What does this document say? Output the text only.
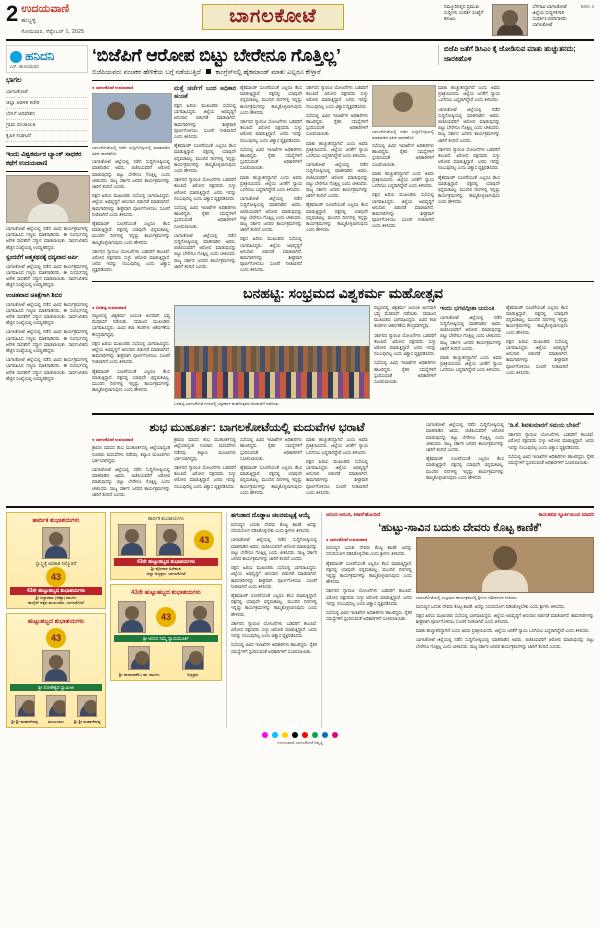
2 ಉದಯವಾಣಿ
ಹುಬ್ಬಳ್ಳಿ
ಸೋಮವಾರ, ಸೆಪ್ಟೆಂಬರ್ 1, 2025
ಬಾಗಲಕೋಟೆ	ನಿಮ್ಮೂರಿನಲ್ಲಿನ ಪ್ರಮುಖ ಸುದ್ದಿಗಳು ಸಂಪರ್ಕ ಸಂಖ್ಯೆಗೆ ಕಳುಹಿಸಿ
ಬೆಳಗಾವಿ-ಬಾಗಲಕೋಟೆ ಜಿಲ್ಲೆಯ ಸುದ್ದಿಗಳಿಗಾಗಿ ಸಂಪರ್ಕಿಸಿ ವರದಿಗಾರರು ಬಾಗಲಕೋಟೆ
BGK 2
ಹನಿದನಿ
ಎಸ್. ಹುಣಸಿಮರದ
ಭಾಗಲ
ಬಾಗಲಕೋಟೆ
ಜಿಲ್ಲಾ ಆಡಳಿತ ಕಚೇರಿ
ಬೇಸಿಗೆ ಅಧಿವೇಶನ
ಗ್ರಾಮ ಪಂಚಾಯಿತಿ
ಕೃಷಿಕ ಸಂಘಟನೆ
ಇಂದು ವಿಶ್ವಕರ್ಮರ ಬ್ಯಾಂಕ್ ಸಾಧಕರ ಕಥೆಗೆ ಉದಯವಾಣಿ

ಬಾಗಲಕೋಟೆ ಜಿಲ್ಲೆಯಲ್ಲಿ ನಡೆದ ವಿವಿಧ ಕಾರ್ಯಕ್ರಮಗಳಲ್ಲಿ ಭಾಗವಹಿಸಿದ ಗಣ್ಯರು ಮಾತನಾಡಿದರು. ಈ ಸಂದರ್ಭದಲ್ಲಿ ಅನೇಕ ಸಾಧಕರಿಗೆ ಸನ್ಮಾನ ಮಾಡಲಾಯಿತು. ಸಾರ್ವಜನಿಕರು ಹೆಚ್ಚಿನ ಸಂಖ್ಯೆಯಲ್ಲಿ ಉಪಸ್ಥಿತರಿದ್ದರು.

ಸ್ಪಂದನೆಗೆ ಆತ್ಮಕಥನಕ್ಕೆ ಧನ್ಯವಾದ ಅರ್ಪಿ

ಬಾಗಲಕೋಟೆ ಜಿಲ್ಲೆಯಲ್ಲಿ ನಡೆದ ವಿವಿಧ ಕಾರ್ಯಕ್ರಮಗಳಲ್ಲಿ ಭಾಗವಹಿಸಿದ ಗಣ್ಯರು ಮಾತನಾಡಿದರು. ಈ ಸಂದರ್ಭದಲ್ಲಿ ಅನೇಕ ಸಾಧಕರಿಗೆ ಸನ್ಮಾನ ಮಾಡಲಾಯಿತು. ಸಾರ್ವಜನಿಕರು ಹೆಚ್ಚಿನ ಸಂಖ್ಯೆಯಲ್ಲಿ ಉಪಸ್ಥಿತರಿದ್ದರು.

ಉಚಿತವಾದ ಚಿಕಿತ್ಸೆಗಾಗಿ ಶಿಬಿರ

ಬಾಗಲಕೋಟೆ ಜಿಲ್ಲೆಯಲ್ಲಿ ನಡೆದ ವಿವಿಧ ಕಾರ್ಯಕ್ರಮಗಳಲ್ಲಿ ಭಾಗವಹಿಸಿದ ಗಣ್ಯರು ಮಾತನಾಡಿದರು. ಈ ಸಂದರ್ಭದಲ್ಲಿ ಅನೇಕ ಸಾಧಕರಿಗೆ ಸನ್ಮಾನ ಮಾಡಲಾಯಿತು. ಸಾರ್ವಜನಿಕರು ಹೆಚ್ಚಿನ ಸಂಖ್ಯೆಯಲ್ಲಿ ಉಪಸ್ಥಿತರಿದ್ದರು.

ಬಾಗಲಕೋಟೆ ಜಿಲ್ಲೆಯಲ್ಲಿ ನಡೆದ ವಿವಿಧ ಕಾರ್ಯಕ್ರಮಗಳಲ್ಲಿ ಭಾಗವಹಿಸಿದ ಗಣ್ಯರು ಮಾತನಾಡಿದರು. ಈ ಸಂದರ್ಭದಲ್ಲಿ ಅನೇಕ ಸಾಧಕರಿಗೆ ಸನ್ಮಾನ ಮಾಡಲಾಯಿತು. ಸಾರ್ವಜನಿಕರು ಹೆಚ್ಚಿನ ಸಂಖ್ಯೆಯಲ್ಲಿ ಉಪಸ್ಥಿತರಿದ್ದರು.

ಬಾಗಲಕೋಟೆ ಜಿಲ್ಲೆಯಲ್ಲಿ ನಡೆದ ವಿವಿಧ ಕಾರ್ಯಕ್ರಮಗಳಲ್ಲಿ ಭಾಗವಹಿಸಿದ ಗಣ್ಯರು ಮಾತನಾಡಿದರು. ಈ ಸಂದರ್ಭದಲ್ಲಿ ಅನೇಕ ಸಾಧಕರಿಗೆ ಸನ್ಮಾನ ಮಾಡಲಾಯಿತು. ಸಾರ್ವಜನಿಕರು ಹೆಚ್ಚಿನ ಸಂಖ್ಯೆಯಲ್ಲಿ ಉಪಸ್ಥಿತರಿದ್ದರು.

‘ಬಿಜೆಪಿಗೆ ಆರೋಪ ಬಿಟ್ಟು ಬೇರೇನೂ ಗೊತ್ತಿಲ್ಲ’
ಬಿಜೆಪಿಯವರು ವಂಚಕರ ಹೇಳಿಕೆಯ ಬಗ್ಗೆ ನಡೆಯುತ್ತಿದೆ ಕಾಂಗ್ರೆಸ್‌ನಲ್ಲಿ ಹೈಕಮಾಂಡ್ ಮಾತು ಎಲ್ಲರೂ ಕೇಳ್ತಾರೆ
ಬಿಜೆಪಿ ಜತೆಗೆ ಡಿಸಿಎಂ ಕೈ ಜೋಡಿಸುವ ಮಾತು ಹುಚ್ಚುತನದು; ಜಾರಕಿಹೊಳಿ
● ಬಾಗಲಕೋಟೆ ಉದಯವಾಣಿ
ಬಾಗಲಕೋಟೆಯಲ್ಲಿ ನಡೆದ ಸುದ್ದಿಗೋಷ್ಠಿಯಲ್ಲಿ ಮಾತನಾಡಿದ ಸತೀಶ ಜಾರಕಿಹೊಳಿ.

ಬಾಗಲಕೋಟೆ ಜಿಲ್ಲೆಯಲ್ಲಿ ನಡೆದ ಸುದ್ದಿಗೋಷ್ಠಿಯಲ್ಲಿ ಮಾತನಾಡಿದ ಅವರು, ಬಿಜೆಪಿಯವರಿಗೆ ಆರೋಪ ಮಾಡುವುದನ್ನು ಬಿಟ್ಟು ಬೇರೇನೂ ಗೊತ್ತಿಲ್ಲ ಎಂದು ಟೀಕಿಸಿದರು. ರಾಜ್ಯ ಸರ್ಕಾರ ಜನಪರ ಕಾರ್ಯಕ್ರಮಗಳನ್ನು ಜಾರಿಗೆ ತಂದಿದೆ ಎಂದರು.

ಪಕ್ಷದ ಹಿರಿಯ ಮುಖಂಡರು ಸಭೆಯಲ್ಲಿ ಭಾಗವಹಿಸಿದ್ದರು. ಜಿಲ್ಲೆಯ ಅಭಿವೃದ್ಧಿಗೆ ಅನುದಾನ ಬಿಡುಗಡೆ ಮಾಡಲಾಗಿದೆ. ಕಾಮಗಾರಿಗಳನ್ನು ಶೀಘ್ರವಾಗಿ ಪೂರ್ಣಗೊಳಿಸಲು ಸೂಚನೆ ನೀಡಲಾಗಿದೆ ಎಂದು ತಿಳಿಸಿದರು.

ಹೈಕಮಾಂಡ್ ಸೂಚನೆಯಂತೆ ಎಲ್ಲರೂ ಕೆಲಸ ಮಾಡುತ್ತಿದ್ದಾರೆ. ಪಕ್ಷದಲ್ಲಿ ಯಾವುದೇ ಭಿನ್ನಮತವಿಲ್ಲ. ಮುಂದಿನ ದಿನಗಳಲ್ಲಿ ಇನ್ನಷ್ಟು ಕಾರ್ಯಕ್ರಮಗಳನ್ನು ಹಮ್ಮಿಕೊಳ್ಳಲಾಗುವುದು ಎಂದು ಹೇಳಿದರು.

ಸರ್ಕಾರದ ಗ್ಯಾರಂಟಿ ಯೋಜನೆಗಳು ಬಡವರಿಗೆ ತಲುಪಿವೆ. ವಿರೋಧ ಪಕ್ಷದವರು ಸುಳ್ಳು ಆರೋಪ ಮಾಡುತ್ತಿದ್ದಾರೆ. ಜನರು ಇದನ್ನು ನಂಬುವುದಿಲ್ಲ ಎಂದು ವಿಶ್ವಾಸ ವ್ಯಕ್ತಪಡಿಸಿದರು.

ಮತ್ತೆ ಚರ್ಚೆಗೆ ಬಂದ ಅಧಿಕಾರ ಹಂಚಿಕೆ

ಪಕ್ಷದ ಹಿರಿಯ ಮುಖಂಡರು ಸಭೆಯಲ್ಲಿ ಭಾಗವಹಿಸಿದ್ದರು. ಜಿಲ್ಲೆಯ ಅಭಿವೃದ್ಧಿಗೆ ಅನುದಾನ ಬಿಡುಗಡೆ ಮಾಡಲಾಗಿದೆ. ಕಾಮಗಾರಿಗಳನ್ನು ಶೀಘ್ರವಾಗಿ ಪೂರ್ಣಗೊಳಿಸಲು ಸೂಚನೆ ನೀಡಲಾಗಿದೆ ಎಂದು ತಿಳಿಸಿದರು.

ಹೈಕಮಾಂಡ್ ಸೂಚನೆಯಂತೆ ಎಲ್ಲರೂ ಕೆಲಸ ಮಾಡುತ್ತಿದ್ದಾರೆ. ಪಕ್ಷದಲ್ಲಿ ಯಾವುದೇ ಭಿನ್ನಮತವಿಲ್ಲ. ಮುಂದಿನ ದಿನಗಳಲ್ಲಿ ಇನ್ನಷ್ಟು ಕಾರ್ಯಕ್ರಮಗಳನ್ನು ಹಮ್ಮಿಕೊಳ್ಳಲಾಗುವುದು ಎಂದು ಹೇಳಿದರು.

ಸರ್ಕಾರದ ಗ್ಯಾರಂಟಿ ಯೋಜನೆಗಳು ಬಡವರಿಗೆ ತಲುಪಿವೆ. ವಿರೋಧ ಪಕ್ಷದವರು ಸುಳ್ಳು ಆರೋಪ ಮಾಡುತ್ತಿದ್ದಾರೆ. ಜನರು ಇದನ್ನು ನಂಬುವುದಿಲ್ಲ ಎಂದು ವಿಶ್ವಾಸ ವ್ಯಕ್ತಪಡಿಸಿದರು.

ಸಭೆಯಲ್ಲಿ ವಿವಿಧ ಇಲಾಖೆಗಳ ಅಧಿಕಾರಿಗಳು ಹಾಜರಿದ್ದರು. ರೈತರ ಸಮಸ್ಯೆಗಳಿಗೆ ಸ್ಪಂದಿಸುವಂತೆ ಅಧಿಕಾರಿಗಳಿಗೆ ಸೂಚಿಸಲಾಯಿತು.

ಬಾಗಲಕೋಟೆ ಜಿಲ್ಲೆಯಲ್ಲಿ ನಡೆದ ಸುದ್ದಿಗೋಷ್ಠಿಯಲ್ಲಿ ಮಾತನಾಡಿದ ಅವರು, ಬಿಜೆಪಿಯವರಿಗೆ ಆರೋಪ ಮಾಡುವುದನ್ನು ಬಿಟ್ಟು ಬೇರೇನೂ ಗೊತ್ತಿಲ್ಲ ಎಂದು ಟೀಕಿಸಿದರು. ರಾಜ್ಯ ಸರ್ಕಾರ ಜನಪರ ಕಾರ್ಯಕ್ರಮಗಳನ್ನು ಜಾರಿಗೆ ತಂದಿದೆ ಎಂದರು.

ಹೈಕಮಾಂಡ್ ಸೂಚನೆಯಂತೆ ಎಲ್ಲರೂ ಕೆಲಸ ಮಾಡುತ್ತಿದ್ದಾರೆ. ಪಕ್ಷದಲ್ಲಿ ಯಾವುದೇ ಭಿನ್ನಮತವಿಲ್ಲ. ಮುಂದಿನ ದಿನಗಳಲ್ಲಿ ಇನ್ನಷ್ಟು ಕಾರ್ಯಕ್ರಮಗಳನ್ನು ಹಮ್ಮಿಕೊಳ್ಳಲಾಗುವುದು ಎಂದು ಹೇಳಿದರು.

ಸರ್ಕಾರದ ಗ್ಯಾರಂಟಿ ಯೋಜನೆಗಳು ಬಡವರಿಗೆ ತಲುಪಿವೆ. ವಿರೋಧ ಪಕ್ಷದವರು ಸುಳ್ಳು ಆರೋಪ ಮಾಡುತ್ತಿದ್ದಾರೆ. ಜನರು ಇದನ್ನು ನಂಬುವುದಿಲ್ಲ ಎಂದು ವಿಶ್ವಾಸ ವ್ಯಕ್ತಪಡಿಸಿದರು.

ಸಭೆಯಲ್ಲಿ ವಿವಿಧ ಇಲಾಖೆಗಳ ಅಧಿಕಾರಿಗಳು ಹಾಜರಿದ್ದರು. ರೈತರ ಸಮಸ್ಯೆಗಳಿಗೆ ಸ್ಪಂದಿಸುವಂತೆ ಅಧಿಕಾರಿಗಳಿಗೆ ಸೂಚಿಸಲಾಯಿತು.

ಮಾತು ಹುಚ್ಚುತನದ್ದಾಗಿದೆ ಎಂದು ಅವರು ಪ್ರತಿಕ್ರಿಯಿಸಿದರು. ಜಿಲ್ಲೆಯ ಜನತೆಗೆ ನ್ಯಾಯ ಒದಗಿಸಲು ಬದ್ಧರಾಗಿದ್ದೇವೆ ಎಂದು ತಿಳಿಸಿದರು.

ಬಾಗಲಕೋಟೆ ಜಿಲ್ಲೆಯಲ್ಲಿ ನಡೆದ ಸುದ್ದಿಗೋಷ್ಠಿಯಲ್ಲಿ ಮಾತನಾಡಿದ ಅವರು, ಬಿಜೆಪಿಯವರಿಗೆ ಆರೋಪ ಮಾಡುವುದನ್ನು ಬಿಟ್ಟು ಬೇರೇನೂ ಗೊತ್ತಿಲ್ಲ ಎಂದು ಟೀಕಿಸಿದರು. ರಾಜ್ಯ ಸರ್ಕಾರ ಜನಪರ ಕಾರ್ಯಕ್ರಮಗಳನ್ನು ಜಾರಿಗೆ ತಂದಿದೆ ಎಂದರು.

ಪಕ್ಷದ ಹಿರಿಯ ಮುಖಂಡರು ಸಭೆಯಲ್ಲಿ ಭಾಗವಹಿಸಿದ್ದರು. ಜಿಲ್ಲೆಯ ಅಭಿವೃದ್ಧಿಗೆ ಅನುದಾನ ಬಿಡುಗಡೆ ಮಾಡಲಾಗಿದೆ. ಕಾಮಗಾರಿಗಳನ್ನು ಶೀಘ್ರವಾಗಿ ಪೂರ್ಣಗೊಳಿಸಲು ಸೂಚನೆ ನೀಡಲಾಗಿದೆ ಎಂದು ತಿಳಿಸಿದರು.

ಸರ್ಕಾರದ ಗ್ಯಾರಂಟಿ ಯೋಜನೆಗಳು ಬಡವರಿಗೆ ತಲುಪಿವೆ. ವಿರೋಧ ಪಕ್ಷದವರು ಸುಳ್ಳು ಆರೋಪ ಮಾಡುತ್ತಿದ್ದಾರೆ. ಜನರು ಇದನ್ನು ನಂಬುವುದಿಲ್ಲ ಎಂದು ವಿಶ್ವಾಸ ವ್ಯಕ್ತಪಡಿಸಿದರು.

ಸಭೆಯಲ್ಲಿ ವಿವಿಧ ಇಲಾಖೆಗಳ ಅಧಿಕಾರಿಗಳು ಹಾಜರಿದ್ದರು. ರೈತರ ಸಮಸ್ಯೆಗಳಿಗೆ ಸ್ಪಂದಿಸುವಂತೆ ಅಧಿಕಾರಿಗಳಿಗೆ ಸೂಚಿಸಲಾಯಿತು.

ಮಾತು ಹುಚ್ಚುತನದ್ದಾಗಿದೆ ಎಂದು ಅವರು ಪ್ರತಿಕ್ರಿಯಿಸಿದರು. ಜಿಲ್ಲೆಯ ಜನತೆಗೆ ನ್ಯಾಯ ಒದಗಿಸಲು ಬದ್ಧರಾಗಿದ್ದೇವೆ ಎಂದು ತಿಳಿಸಿದರು.

ಬಾಗಲಕೋಟೆ ಜಿಲ್ಲೆಯಲ್ಲಿ ನಡೆದ ಸುದ್ದಿಗೋಷ್ಠಿಯಲ್ಲಿ ಮಾತನಾಡಿದ ಅವರು, ಬಿಜೆಪಿಯವರಿಗೆ ಆರೋಪ ಮಾಡುವುದನ್ನು ಬಿಟ್ಟು ಬೇರೇನೂ ಗೊತ್ತಿಲ್ಲ ಎಂದು ಟೀಕಿಸಿದರು. ರಾಜ್ಯ ಸರ್ಕಾರ ಜನಪರ ಕಾರ್ಯಕ್ರಮಗಳನ್ನು ಜಾರಿಗೆ ತಂದಿದೆ ಎಂದರು.

ಹೈಕಮಾಂಡ್ ಸೂಚನೆಯಂತೆ ಎಲ್ಲರೂ ಕೆಲಸ ಮಾಡುತ್ತಿದ್ದಾರೆ. ಪಕ್ಷದಲ್ಲಿ ಯಾವುದೇ ಭಿನ್ನಮತವಿಲ್ಲ. ಮುಂದಿನ ದಿನಗಳಲ್ಲಿ ಇನ್ನಷ್ಟು ಕಾರ್ಯಕ್ರಮಗಳನ್ನು ಹಮ್ಮಿಕೊಳ್ಳಲಾಗುವುದು ಎಂದು ಹೇಳಿದರು.

ಬಾಗಲಕೋಟೆಯಲ್ಲಿ ನಡೆದ ಸುದ್ದಿಗೋಷ್ಠಿಯಲ್ಲಿ ಮಾತನಾಡಿದ ಸತೀಶ ಜಾರಕಿಹೊಳಿ.

ಸಭೆಯಲ್ಲಿ ವಿವಿಧ ಇಲಾಖೆಗಳ ಅಧಿಕಾರಿಗಳು ಹಾಜರಿದ್ದರು. ರೈತರ ಸಮಸ್ಯೆಗಳಿಗೆ ಸ್ಪಂದಿಸುವಂತೆ ಅಧಿಕಾರಿಗಳಿಗೆ ಸೂಚಿಸಲಾಯಿತು.

ಮಾತು ಹುಚ್ಚುತನದ್ದಾಗಿದೆ ಎಂದು ಅವರು ಪ್ರತಿಕ್ರಿಯಿಸಿದರು. ಜಿಲ್ಲೆಯ ಜನತೆಗೆ ನ್ಯಾಯ ಒದಗಿಸಲು ಬದ್ಧರಾಗಿದ್ದೇವೆ ಎಂದು ತಿಳಿಸಿದರು.

ಪಕ್ಷದ ಹಿರಿಯ ಮುಖಂಡರು ಸಭೆಯಲ್ಲಿ ಭಾಗವಹಿಸಿದ್ದರು. ಜಿಲ್ಲೆಯ ಅಭಿವೃದ್ಧಿಗೆ ಅನುದಾನ ಬಿಡುಗಡೆ ಮಾಡಲಾಗಿದೆ. ಕಾಮಗಾರಿಗಳನ್ನು ಶೀಘ್ರವಾಗಿ ಪೂರ್ಣಗೊಳಿಸಲು ಸೂಚನೆ ನೀಡಲಾಗಿದೆ ಎಂದು ತಿಳಿಸಿದರು.

ಮಾತು ಹುಚ್ಚುತನದ್ದಾಗಿದೆ ಎಂದು ಅವರು ಪ್ರತಿಕ್ರಿಯಿಸಿದರು. ಜಿಲ್ಲೆಯ ಜನತೆಗೆ ನ್ಯಾಯ ಒದಗಿಸಲು ಬದ್ಧರಾಗಿದ್ದೇವೆ ಎಂದು ತಿಳಿಸಿದರು.

ಬಾಗಲಕೋಟೆ ಜಿಲ್ಲೆಯಲ್ಲಿ ನಡೆದ ಸುದ್ದಿಗೋಷ್ಠಿಯಲ್ಲಿ ಮಾತನಾಡಿದ ಅವರು, ಬಿಜೆಪಿಯವರಿಗೆ ಆರೋಪ ಮಾಡುವುದನ್ನು ಬಿಟ್ಟು ಬೇರೇನೂ ಗೊತ್ತಿಲ್ಲ ಎಂದು ಟೀಕಿಸಿದರು. ರಾಜ್ಯ ಸರ್ಕಾರ ಜನಪರ ಕಾರ್ಯಕ್ರಮಗಳನ್ನು ಜಾರಿಗೆ ತಂದಿದೆ ಎಂದರು.

ಸರ್ಕಾರದ ಗ್ಯಾರಂಟಿ ಯೋಜನೆಗಳು ಬಡವರಿಗೆ ತಲುಪಿವೆ. ವಿರೋಧ ಪಕ್ಷದವರು ಸುಳ್ಳು ಆರೋಪ ಮಾಡುತ್ತಿದ್ದಾರೆ. ಜನರು ಇದನ್ನು ನಂಬುವುದಿಲ್ಲ ಎಂದು ವಿಶ್ವಾಸ ವ್ಯಕ್ತಪಡಿಸಿದರು.

ಹೈಕಮಾಂಡ್ ಸೂಚನೆಯಂತೆ ಎಲ್ಲರೂ ಕೆಲಸ ಮಾಡುತ್ತಿದ್ದಾರೆ. ಪಕ್ಷದಲ್ಲಿ ಯಾವುದೇ ಭಿನ್ನಮತವಿಲ್ಲ. ಮುಂದಿನ ದಿನಗಳಲ್ಲಿ ಇನ್ನಷ್ಟು ಕಾರ್ಯಕ್ರಮಗಳನ್ನು ಹಮ್ಮಿಕೊಳ್ಳಲಾಗುವುದು ಎಂದು ಹೇಳಿದರು.

ಬನಹಟ್ಟಿ: ಸಂಭ್ರಮದ ವಿಶ್ವಕರ್ಮ ಮಹೋತ್ಸವ
● ಬನಹಟ್ಟಿ ಉದಯವಾಣಿ

ಪಟ್ಟಣದಲ್ಲಿ ವಿಶ್ವಕರ್ಮ ಜಯಂತಿ ಅಂಗವಾಗಿ ಭವ್ಯ ಮೆರವಣಿಗೆ ನಡೆಯಿತು. ಸಮಾಜದ ಮುಖಂಡರು ಭಾಗವಹಿಸಿದ್ದರು. ವಿವಿಧ ಕಲಾ ತಂಡಗಳು ಆಕರ್ಷಣೆಯ ಕೇಂದ್ರವಾಗಿದ್ದವು.

ಪಕ್ಷದ ಹಿರಿಯ ಮುಖಂಡರು ಸಭೆಯಲ್ಲಿ ಭಾಗವಹಿಸಿದ್ದರು. ಜಿಲ್ಲೆಯ ಅಭಿವೃದ್ಧಿಗೆ ಅನುದಾನ ಬಿಡುಗಡೆ ಮಾಡಲಾಗಿದೆ. ಕಾಮಗಾರಿಗಳನ್ನು ಶೀಘ್ರವಾಗಿ ಪೂರ್ಣಗೊಳಿಸಲು ಸೂಚನೆ ನೀಡಲಾಗಿದೆ ಎಂದು ತಿಳಿಸಿದರು.

ಹೈಕಮಾಂಡ್ ಸೂಚನೆಯಂತೆ ಎಲ್ಲರೂ ಕೆಲಸ ಮಾಡುತ್ತಿದ್ದಾರೆ. ಪಕ್ಷದಲ್ಲಿ ಯಾವುದೇ ಭಿನ್ನಮತವಿಲ್ಲ. ಮುಂದಿನ ದಿನಗಳಲ್ಲಿ ಇನ್ನಷ್ಟು ಕಾರ್ಯಕ್ರಮಗಳನ್ನು ಹಮ್ಮಿಕೊಳ್ಳಲಾಗುವುದು ಎಂದು ಹೇಳಿದರು.

ಬನಹಟ್ಟಿ-ಬಾಗಲಕೋಟೆ ನಗರದಲ್ಲಿ ವಿಶ್ವಕರ್ಮ ಮಹೋತ್ಸವದ ಮೆರವಣಿಗೆ ನಡೆಯಿತು.

ಪಟ್ಟಣದಲ್ಲಿ ವಿಶ್ವಕರ್ಮ ಜಯಂತಿ ಅಂಗವಾಗಿ ಭವ್ಯ ಮೆರವಣಿಗೆ ನಡೆಯಿತು. ಸಮಾಜದ ಮುಖಂಡರು ಭಾಗವಹಿಸಿದ್ದರು. ವಿವಿಧ ಕಲಾ ತಂಡಗಳು ಆಕರ್ಷಣೆಯ ಕೇಂದ್ರವಾಗಿದ್ದವು.

ಸರ್ಕಾರದ ಗ್ಯಾರಂಟಿ ಯೋಜನೆಗಳು ಬಡವರಿಗೆ ತಲುಪಿವೆ. ವಿರೋಧ ಪಕ್ಷದವರು ಸುಳ್ಳು ಆರೋಪ ಮಾಡುತ್ತಿದ್ದಾರೆ. ಜನರು ಇದನ್ನು ನಂಬುವುದಿಲ್ಲ ಎಂದು ವಿಶ್ವಾಸ ವ್ಯಕ್ತಪಡಿಸಿದರು.

ಸಭೆಯಲ್ಲಿ ವಿವಿಧ ಇಲಾಖೆಗಳ ಅಧಿಕಾರಿಗಳು ಹಾಜರಿದ್ದರು. ರೈತರ ಸಮಸ್ಯೆಗಳಿಗೆ ಸ್ಪಂದಿಸುವಂತೆ ಅಧಿಕಾರಿಗಳಿಗೆ ಸೂಚಿಸಲಾಯಿತು.

ಇಂದು ಭಗವದ್ಗೀತಾ ಜಯಂತಿ

ಬಾಗಲಕೋಟೆ ಜಿಲ್ಲೆಯಲ್ಲಿ ನಡೆದ ಸುದ್ದಿಗೋಷ್ಠಿಯಲ್ಲಿ ಮಾತನಾಡಿದ ಅವರು, ಬಿಜೆಪಿಯವರಿಗೆ ಆರೋಪ ಮಾಡುವುದನ್ನು ಬಿಟ್ಟು ಬೇರೇನೂ ಗೊತ್ತಿಲ್ಲ ಎಂದು ಟೀಕಿಸಿದರು. ರಾಜ್ಯ ಸರ್ಕಾರ ಜನಪರ ಕಾರ್ಯಕ್ರಮಗಳನ್ನು ಜಾರಿಗೆ ತಂದಿದೆ ಎಂದರು.

ಮಾತು ಹುಚ್ಚುತನದ್ದಾಗಿದೆ ಎಂದು ಅವರು ಪ್ರತಿಕ್ರಿಯಿಸಿದರು. ಜಿಲ್ಲೆಯ ಜನತೆಗೆ ನ್ಯಾಯ ಒದಗಿಸಲು ಬದ್ಧರಾಗಿದ್ದೇವೆ ಎಂದು ತಿಳಿಸಿದರು.

ಹೈಕಮಾಂಡ್ ಸೂಚನೆಯಂತೆ ಎಲ್ಲರೂ ಕೆಲಸ ಮಾಡುತ್ತಿದ್ದಾರೆ. ಪಕ್ಷದಲ್ಲಿ ಯಾವುದೇ ಭಿನ್ನಮತವಿಲ್ಲ. ಮುಂದಿನ ದಿನಗಳಲ್ಲಿ ಇನ್ನಷ್ಟು ಕಾರ್ಯಕ್ರಮಗಳನ್ನು ಹಮ್ಮಿಕೊಳ್ಳಲಾಗುವುದು ಎಂದು ಹೇಳಿದರು.

ಪಕ್ಷದ ಹಿರಿಯ ಮುಖಂಡರು ಸಭೆಯಲ್ಲಿ ಭಾಗವಹಿಸಿದ್ದರು. ಜಿಲ್ಲೆಯ ಅಭಿವೃದ್ಧಿಗೆ ಅನುದಾನ ಬಿಡುಗಡೆ ಮಾಡಲಾಗಿದೆ. ಕಾಮಗಾರಿಗಳನ್ನು ಶೀಘ್ರವಾಗಿ ಪೂರ್ಣಗೊಳಿಸಲು ಸೂಚನೆ ನೀಡಲಾಗಿದೆ ಎಂದು ತಿಳಿಸಿದರು.

ಶುಭ ಮುಹೂರ್ತ: ಬಾಗಲಕೋಟೆಯಲ್ಲಿ ಮದುವೆಗಳ ಭರಾಟೆ
● ಬಾಗಲಕೋಟೆ ಉದಯವಾಣಿ

ಶ್ರಾವಣ ಮಾಸದ ಶುಭ ಮುಹೂರ್ತದಲ್ಲಿ ಜಿಲ್ಲೆಯಾದ್ಯಂತ ನೂರಾರು ಮದುವೆಗಳು ನಡೆದವು. ಕಲ್ಯಾಣ ಮಂಟಪಗಳು ಭರ್ತಿಯಾಗಿದ್ದವು.

ಬಾಗಲಕೋಟೆ ಜಿಲ್ಲೆಯಲ್ಲಿ ನಡೆದ ಸುದ್ದಿಗೋಷ್ಠಿಯಲ್ಲಿ ಮಾತನಾಡಿದ ಅವರು, ಬಿಜೆಪಿಯವರಿಗೆ ಆರೋಪ ಮಾಡುವುದನ್ನು ಬಿಟ್ಟು ಬೇರೇನೂ ಗೊತ್ತಿಲ್ಲ ಎಂದು ಟೀಕಿಸಿದರು. ರಾಜ್ಯ ಸರ್ಕಾರ ಜನಪರ ಕಾರ್ಯಕ್ರಮಗಳನ್ನು ಜಾರಿಗೆ ತಂದಿದೆ ಎಂದರು.

ಶ್ರಾವಣ ಮಾಸದ ಶುಭ ಮುಹೂರ್ತದಲ್ಲಿ ಜಿಲ್ಲೆಯಾದ್ಯಂತ ನೂರಾರು ಮದುವೆಗಳು ನಡೆದವು. ಕಲ್ಯಾಣ ಮಂಟಪಗಳು ಭರ್ತಿಯಾಗಿದ್ದವು.

ಸರ್ಕಾರದ ಗ್ಯಾರಂಟಿ ಯೋಜನೆಗಳು ಬಡವರಿಗೆ ತಲುಪಿವೆ. ವಿರೋಧ ಪಕ್ಷದವರು ಸುಳ್ಳು ಆರೋಪ ಮಾಡುತ್ತಿದ್ದಾರೆ. ಜನರು ಇದನ್ನು ನಂಬುವುದಿಲ್ಲ ಎಂದು ವಿಶ್ವಾಸ ವ್ಯಕ್ತಪಡಿಸಿದರು.

ಸಭೆಯಲ್ಲಿ ವಿವಿಧ ಇಲಾಖೆಗಳ ಅಧಿಕಾರಿಗಳು ಹಾಜರಿದ್ದರು. ರೈತರ ಸಮಸ್ಯೆಗಳಿಗೆ ಸ್ಪಂದಿಸುವಂತೆ ಅಧಿಕಾರಿಗಳಿಗೆ ಸೂಚಿಸಲಾಯಿತು.

ಹೈಕಮಾಂಡ್ ಸೂಚನೆಯಂತೆ ಎಲ್ಲರೂ ಕೆಲಸ ಮಾಡುತ್ತಿದ್ದಾರೆ. ಪಕ್ಷದಲ್ಲಿ ಯಾವುದೇ ಭಿನ್ನಮತವಿಲ್ಲ. ಮುಂದಿನ ದಿನಗಳಲ್ಲಿ ಇನ್ನಷ್ಟು ಕಾರ್ಯಕ್ರಮಗಳನ್ನು ಹಮ್ಮಿಕೊಳ್ಳಲಾಗುವುದು ಎಂದು ಹೇಳಿದರು.

ಮಾತು ಹುಚ್ಚುತನದ್ದಾಗಿದೆ ಎಂದು ಅವರು ಪ್ರತಿಕ್ರಿಯಿಸಿದರು. ಜಿಲ್ಲೆಯ ಜನತೆಗೆ ನ್ಯಾಯ ಒದಗಿಸಲು ಬದ್ಧರಾಗಿದ್ದೇವೆ ಎಂದು ತಿಳಿಸಿದರು.

ಪಕ್ಷದ ಹಿರಿಯ ಮುಖಂಡರು ಸಭೆಯಲ್ಲಿ ಭಾಗವಹಿಸಿದ್ದರು. ಜಿಲ್ಲೆಯ ಅಭಿವೃದ್ಧಿಗೆ ಅನುದಾನ ಬಿಡುಗಡೆ ಮಾಡಲಾಗಿದೆ. ಕಾಮಗಾರಿಗಳನ್ನು ಶೀಘ್ರವಾಗಿ ಪೂರ್ಣಗೊಳಿಸಲು ಸೂಚನೆ ನೀಡಲಾಗಿದೆ ಎಂದು ತಿಳಿಸಿದರು.

ಬಾಗಲಕೋಟೆ ಜಿಲ್ಲೆಯಲ್ಲಿ ನಡೆದ ಸುದ್ದಿಗೋಷ್ಠಿಯಲ್ಲಿ ಮಾತನಾಡಿದ ಅವರು, ಬಿಜೆಪಿಯವರಿಗೆ ಆರೋಪ ಮಾಡುವುದನ್ನು ಬಿಟ್ಟು ಬೇರೇನೂ ಗೊತ್ತಿಲ್ಲ ಎಂದು ಟೀಕಿಸಿದರು. ರಾಜ್ಯ ಸರ್ಕಾರ ಜನಪರ ಕಾರ್ಯಕ್ರಮಗಳನ್ನು ಜಾರಿಗೆ ತಂದಿದೆ ಎಂದರು.

ಹೈಕಮಾಂಡ್ ಸೂಚನೆಯಂತೆ ಎಲ್ಲರೂ ಕೆಲಸ ಮಾಡುತ್ತಿದ್ದಾರೆ. ಪಕ್ಷದಲ್ಲಿ ಯಾವುದೇ ಭಿನ್ನಮತವಿಲ್ಲ. ಮುಂದಿನ ದಿನಗಳಲ್ಲಿ ಇನ್ನಷ್ಟು ಕಾರ್ಯಕ್ರಮಗಳನ್ನು ಹಮ್ಮಿಕೊಳ್ಳಲಾಗುವುದು ಎಂದು ಹೇಳಿದರು.

‘ಡಿ.ಕೆ. ಶಿವಕುಮಾರಗೆ ಸಮಯ ಬೇಕಿದೆ’

ಸರ್ಕಾರದ ಗ್ಯಾರಂಟಿ ಯೋಜನೆಗಳು ಬಡವರಿಗೆ ತಲುಪಿವೆ. ವಿರೋಧ ಪಕ್ಷದವರು ಸುಳ್ಳು ಆರೋಪ ಮಾಡುತ್ತಿದ್ದಾರೆ. ಜನರು ಇದನ್ನು ನಂಬುವುದಿಲ್ಲ ಎಂದು ವಿಶ್ವಾಸ ವ್ಯಕ್ತಪಡಿಸಿದರು.

ಸಭೆಯಲ್ಲಿ ವಿವಿಧ ಇಲಾಖೆಗಳ ಅಧಿಕಾರಿಗಳು ಹಾಜರಿದ್ದರು. ರೈತರ ಸಮಸ್ಯೆಗಳಿಗೆ ಸ್ಪಂದಿಸುವಂತೆ ಅಧಿಕಾರಿಗಳಿಗೆ ಸೂಚಿಸಲಾಯಿತು.

ಹಾರ್ದಿಕ ಶುಭಾಶಯಗಳು
ಸ್ವಾಸ್ಥ್ಯಕ್ಕೆ ಅವಕಾಶ ನಿಮ್ಮೊಡನೆ
43
43ನೇ ಹುಟ್ಟುಹಬ್ಬದ ಶುಭಾಶಯಗಳು
ಶ್ರೀ ಸಿದ್ದಾರಾಮ (ಅಣ್ಣಾ) ಪಾಟೀಲ
ಕಾಂಗ್ರೆಸ್ ಪಕ್ಷದ ಮುಖಂಡರು, ಬಾಗಲಕೋಟೆ
ಹುಟ್ಟುಹಬ್ಬದ ಶುಭಾಶಯಗಳು
43
ಶ್ರೀ ಲೋಕೇಶ್ವರ ಸ್ವಾಮೀಜಿ
ಶ್ರೀ ಶ್ರೀ ಮಹಾದೇವಪ್ಪ	ಮುಖಂಡರು	ಶ್ರೀ ಶ್ರೀ ಮಹಾದೇವಪ್ಪ
ಹಾರ್ದಿಕ ಶುಭಾಶಯಗಳು
43
43ನೇ ಹುಟ್ಟುಹಬ್ಬದ ಶುಭಾಶಯಗಳು
ಶ್ರೀ ವೈಜನಾಥ ಹಿರೇಮಠ
ಜಿಲ್ಲಾ ಅಧ್ಯಕ್ಷರು, ಬಾಗಲಕೋಟೆ
43ನೇ ಹುಟ್ಟುಹಬ್ಬದ ಶುಭಾಶಯಗಳು
43
ಶ್ರೀ ಆನಂದ ನಿಮ್ಮ ನ್ಯಾಯಮೂರ್ತಿ
ಶ್ರೀ ದಾದಾಸಾಹೇಬ ಡಾ. ಪಾಟೀಲ	ಅಧ್ಯಕ್ಷರು
ಹಗುಡಾದ ದೊಡ್ಡಾಟ ಚಲನಮಟ್ಟಕ್ಕೆ ಆಯ್ಕೆ

ಮನುಷ್ಯನ ಬದುಕು ದೇವರು ಕೊಟ್ಟ ಕಾಣಿಕೆ. ಅದನ್ನು ಸದುಪಯೋಗ ಪಡಿಸಿಕೊಳ್ಳಬೇಕು ಎಂದು ಶ್ರೀಗಳು ತಿಳಿಸಿದರು.

ಬಾಗಲಕೋಟೆ ಜಿಲ್ಲೆಯಲ್ಲಿ ನಡೆದ ಸುದ್ದಿಗೋಷ್ಠಿಯಲ್ಲಿ ಮಾತನಾಡಿದ ಅವರು, ಬಿಜೆಪಿಯವರಿಗೆ ಆರೋಪ ಮಾಡುವುದನ್ನು ಬಿಟ್ಟು ಬೇರೇನೂ ಗೊತ್ತಿಲ್ಲ ಎಂದು ಟೀಕಿಸಿದರು. ರಾಜ್ಯ ಸರ್ಕಾರ ಜನಪರ ಕಾರ್ಯಕ್ರಮಗಳನ್ನು ಜಾರಿಗೆ ತಂದಿದೆ ಎಂದರು.

ಪಕ್ಷದ ಹಿರಿಯ ಮುಖಂಡರು ಸಭೆಯಲ್ಲಿ ಭಾಗವಹಿಸಿದ್ದರು. ಜಿಲ್ಲೆಯ ಅಭಿವೃದ್ಧಿಗೆ ಅನುದಾನ ಬಿಡುಗಡೆ ಮಾಡಲಾಗಿದೆ. ಕಾಮಗಾರಿಗಳನ್ನು ಶೀಘ್ರವಾಗಿ ಪೂರ್ಣಗೊಳಿಸಲು ಸೂಚನೆ ನೀಡಲಾಗಿದೆ ಎಂದು ತಿಳಿಸಿದರು.

ಹೈಕಮಾಂಡ್ ಸೂಚನೆಯಂತೆ ಎಲ್ಲರೂ ಕೆಲಸ ಮಾಡುತ್ತಿದ್ದಾರೆ. ಪಕ್ಷದಲ್ಲಿ ಯಾವುದೇ ಭಿನ್ನಮತವಿಲ್ಲ. ಮುಂದಿನ ದಿನಗಳಲ್ಲಿ ಇನ್ನಷ್ಟು ಕಾರ್ಯಕ್ರಮಗಳನ್ನು ಹಮ್ಮಿಕೊಳ್ಳಲಾಗುವುದು ಎಂದು ಹೇಳಿದರು.

ಸರ್ಕಾರದ ಗ್ಯಾರಂಟಿ ಯೋಜನೆಗಳು ಬಡವರಿಗೆ ತಲುಪಿವೆ. ವಿರೋಧ ಪಕ್ಷದವರು ಸುಳ್ಳು ಆರೋಪ ಮಾಡುತ್ತಿದ್ದಾರೆ. ಜನರು ಇದನ್ನು ನಂಬುವುದಿಲ್ಲ ಎಂದು ವಿಶ್ವಾಸ ವ್ಯಕ್ತಪಡಿಸಿದರು.

ಸಭೆಯಲ್ಲಿ ವಿವಿಧ ಇಲಾಖೆಗಳ ಅಧಿಕಾರಿಗಳು ಹಾಜರಿದ್ದರು. ರೈತರ ಸಮಸ್ಯೆಗಳಿಗೆ ಸ್ಪಂದಿಸುವಂತೆ ಅಧಿಕಾರಿಗಳಿಗೆ ಸೂಚಿಸಲಾಯಿತು.

ಆನಂದ-ಆನಂದಿ, ಕಿಸಾನ್‌ಹೊಂದಿದೆ	ಕಾಯಕಪಥ ಸ್ಫೂರ್ತಿಯಿಂದ ಮಾದರಿ
‘ಹುಟ್ಟು-ಸಾವಿನ ಬದುಕು ದೇವರು ಕೊಟ್ಟ ಕಾಣಿಕೆ’
● ಬಾಗಲಕೋಟೆ ಉದಯವಾಣಿ

ಮನುಷ್ಯನ ಬದುಕು ದೇವರು ಕೊಟ್ಟ ಕಾಣಿಕೆ. ಅದನ್ನು ಸದುಪಯೋಗ ಪಡಿಸಿಕೊಳ್ಳಬೇಕು ಎಂದು ಶ್ರೀಗಳು ತಿಳಿಸಿದರು.

ಹೈಕಮಾಂಡ್ ಸೂಚನೆಯಂತೆ ಎಲ್ಲರೂ ಕೆಲಸ ಮಾಡುತ್ತಿದ್ದಾರೆ. ಪಕ್ಷದಲ್ಲಿ ಯಾವುದೇ ಭಿನ್ನಮತವಿಲ್ಲ. ಮುಂದಿನ ದಿನಗಳಲ್ಲಿ ಇನ್ನಷ್ಟು ಕಾರ್ಯಕ್ರಮಗಳನ್ನು ಹಮ್ಮಿಕೊಳ್ಳಲಾಗುವುದು ಎಂದು ಹೇಳಿದರು.

ಸರ್ಕಾರದ ಗ್ಯಾರಂಟಿ ಯೋಜನೆಗಳು ಬಡವರಿಗೆ ತಲುಪಿವೆ. ವಿರೋಧ ಪಕ್ಷದವರು ಸುಳ್ಳು ಆರೋಪ ಮಾಡುತ್ತಿದ್ದಾರೆ. ಜನರು ಇದನ್ನು ನಂಬುವುದಿಲ್ಲ ಎಂದು ವಿಶ್ವಾಸ ವ್ಯಕ್ತಪಡಿಸಿದರು.

ಸಭೆಯಲ್ಲಿ ವಿವಿಧ ಇಲಾಖೆಗಳ ಅಧಿಕಾರಿಗಳು ಹಾಜರಿದ್ದರು. ರೈತರ ಸಮಸ್ಯೆಗಳಿಗೆ ಸ್ಪಂದಿಸುವಂತೆ ಅಧಿಕಾರಿಗಳಿಗೆ ಸೂಚಿಸಲಾಯಿತು.

ಬಾಗಲಕೋಟೆಯಲ್ಲಿ ಸಂಭ್ರಮದ ಕಾರ್ಯಕ್ರಮದಲ್ಲಿ ಶ್ರೀಗಳು ಆಶೀರ್ವಚನ ನೀಡಿದರು.

ಮನುಷ್ಯನ ಬದುಕು ದೇವರು ಕೊಟ್ಟ ಕಾಣಿಕೆ. ಅದನ್ನು ಸದುಪಯೋಗ ಪಡಿಸಿಕೊಳ್ಳಬೇಕು ಎಂದು ಶ್ರೀಗಳು ತಿಳಿಸಿದರು.

ಪಕ್ಷದ ಹಿರಿಯ ಮುಖಂಡರು ಸಭೆಯಲ್ಲಿ ಭಾಗವಹಿಸಿದ್ದರು. ಜಿಲ್ಲೆಯ ಅಭಿವೃದ್ಧಿಗೆ ಅನುದಾನ ಬಿಡುಗಡೆ ಮಾಡಲಾಗಿದೆ. ಕಾಮಗಾರಿಗಳನ್ನು ಶೀಘ್ರವಾಗಿ ಪೂರ್ಣಗೊಳಿಸಲು ಸೂಚನೆ ನೀಡಲಾಗಿದೆ ಎಂದು ತಿಳಿಸಿದರು.

ಮಾತು ಹುಚ್ಚುತನದ್ದಾಗಿದೆ ಎಂದು ಅವರು ಪ್ರತಿಕ್ರಿಯಿಸಿದರು. ಜಿಲ್ಲೆಯ ಜನತೆಗೆ ನ್ಯಾಯ ಒದಗಿಸಲು ಬದ್ಧರಾಗಿದ್ದೇವೆ ಎಂದು ತಿಳಿಸಿದರು.

ಬಾಗಲಕೋಟೆ ಜಿಲ್ಲೆಯಲ್ಲಿ ನಡೆದ ಸುದ್ದಿಗೋಷ್ಠಿಯಲ್ಲಿ ಮಾತನಾಡಿದ ಅವರು, ಬಿಜೆಪಿಯವರಿಗೆ ಆರೋಪ ಮಾಡುವುದನ್ನು ಬಿಟ್ಟು ಬೇರೇನೂ ಗೊತ್ತಿಲ್ಲ ಎಂದು ಟೀಕಿಸಿದರು. ರಾಜ್ಯ ಸರ್ಕಾರ ಜನಪರ ಕಾರ್ಯಕ್ರಮಗಳನ್ನು ಜಾರಿಗೆ ತಂದಿದೆ ಎಂದರು.

ಉದಯವಾಣಿ ಬಾಗಲಕೋಟೆ ಆವೃತ್ತಿ
